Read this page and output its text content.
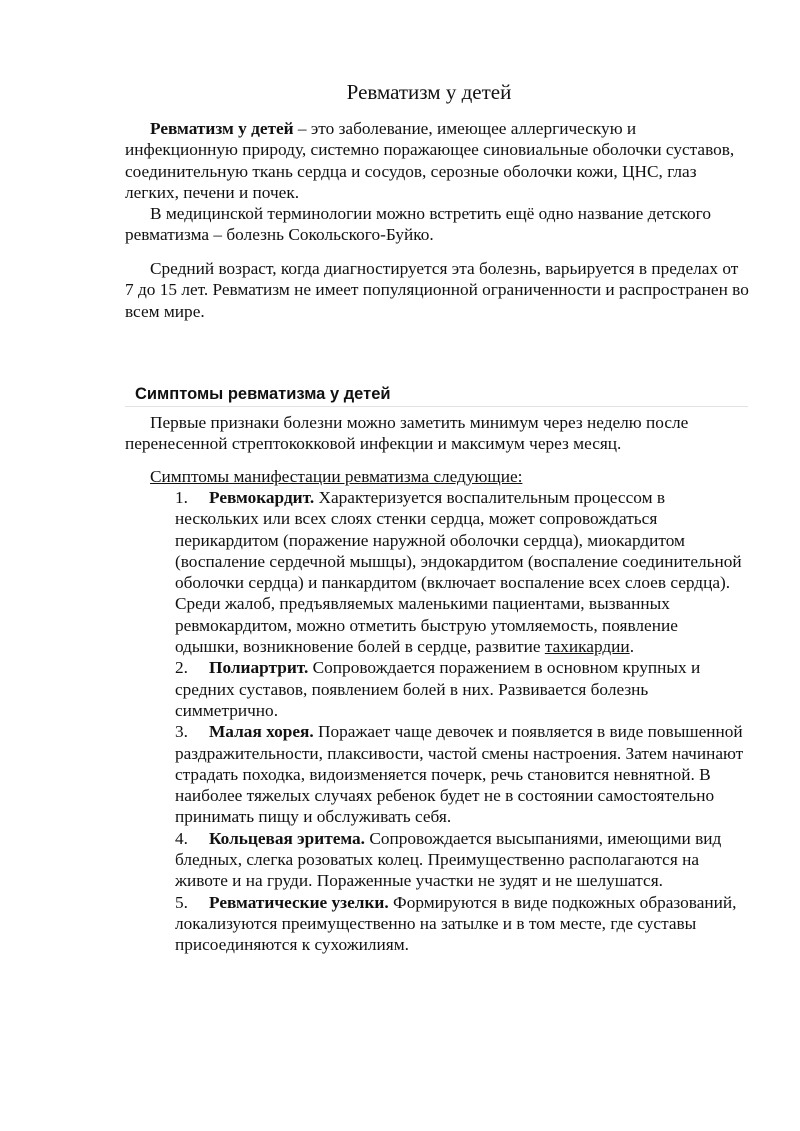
Ревматизм у детей

Ревматизм у детей – это заболевание, имеющее аллергическую и инфекционную природу, системно поражающее синовиальные оболочки суставов, соединительную ткань сердца и сосудов, серозные оболочки кожи, ЦНС, глаз легких, печени и почек.

В медицинской терминологии можно встретить ещё одно название детского ревматизма – болезнь Сокольского-Буйко.

Средний возраст, когда диагностируется эта болезнь, варьируется в пределах от 7 до 15 лет. Ревматизм не имеет популяционной ограниченности и распространен во всем мире.

Симптомы ревматизма у детей

Первые признаки болезни можно заметить минимум через неделю после перенесенной стрептококковой инфекции и максимум через месяц.

Симптомы манифестации ревматизма следующие:

1. Ревмокардит. Характеризуется воспалительным процессом в нескольких или всех слоях стенки сердца, может сопровождаться перикардитом (поражение наружной оболочки сердца), миокардитом (воспаление сердечной мышцы), эндокардитом (воспаление соединительной оболочки сердца) и панкардитом (включает воспаление всех слоев сердца). Среди жалоб, предъявляемых маленькими пациентами, вызванных ревмокардитом, можно отметить быструю утомляемость, появление одышки, возникновение болей в сердце, развитие тахикардии.

2. Полиартрит. Сопровождается поражением в основном крупных и средних суставов, появлением болей в них. Развивается болезнь симметрично.

3. Малая хорея. Поражает чаще девочек и появляется в виде повышенной раздражительности, плаксивости, частой смены настроения. Затем начинают страдать походка, видоизменяется почерк, речь становится невнятной. В наиболее тяжелых случаях ребенок будет не в состоянии самостоятельно принимать пищу и обслуживать себя.

4. Кольцевая эритема. Сопровождается высыпаниями, имеющими вид бледных, слегка розоватых колец. Преимущественно располагаются на животе и на груди. Пораженные участки не зудят и не шелушатся.

5. Ревматические узелки. Формируются в виде подкожных образований, локализуются преимущественно на затылке и в том месте, где суставы присоединяются к сухожилиям.
